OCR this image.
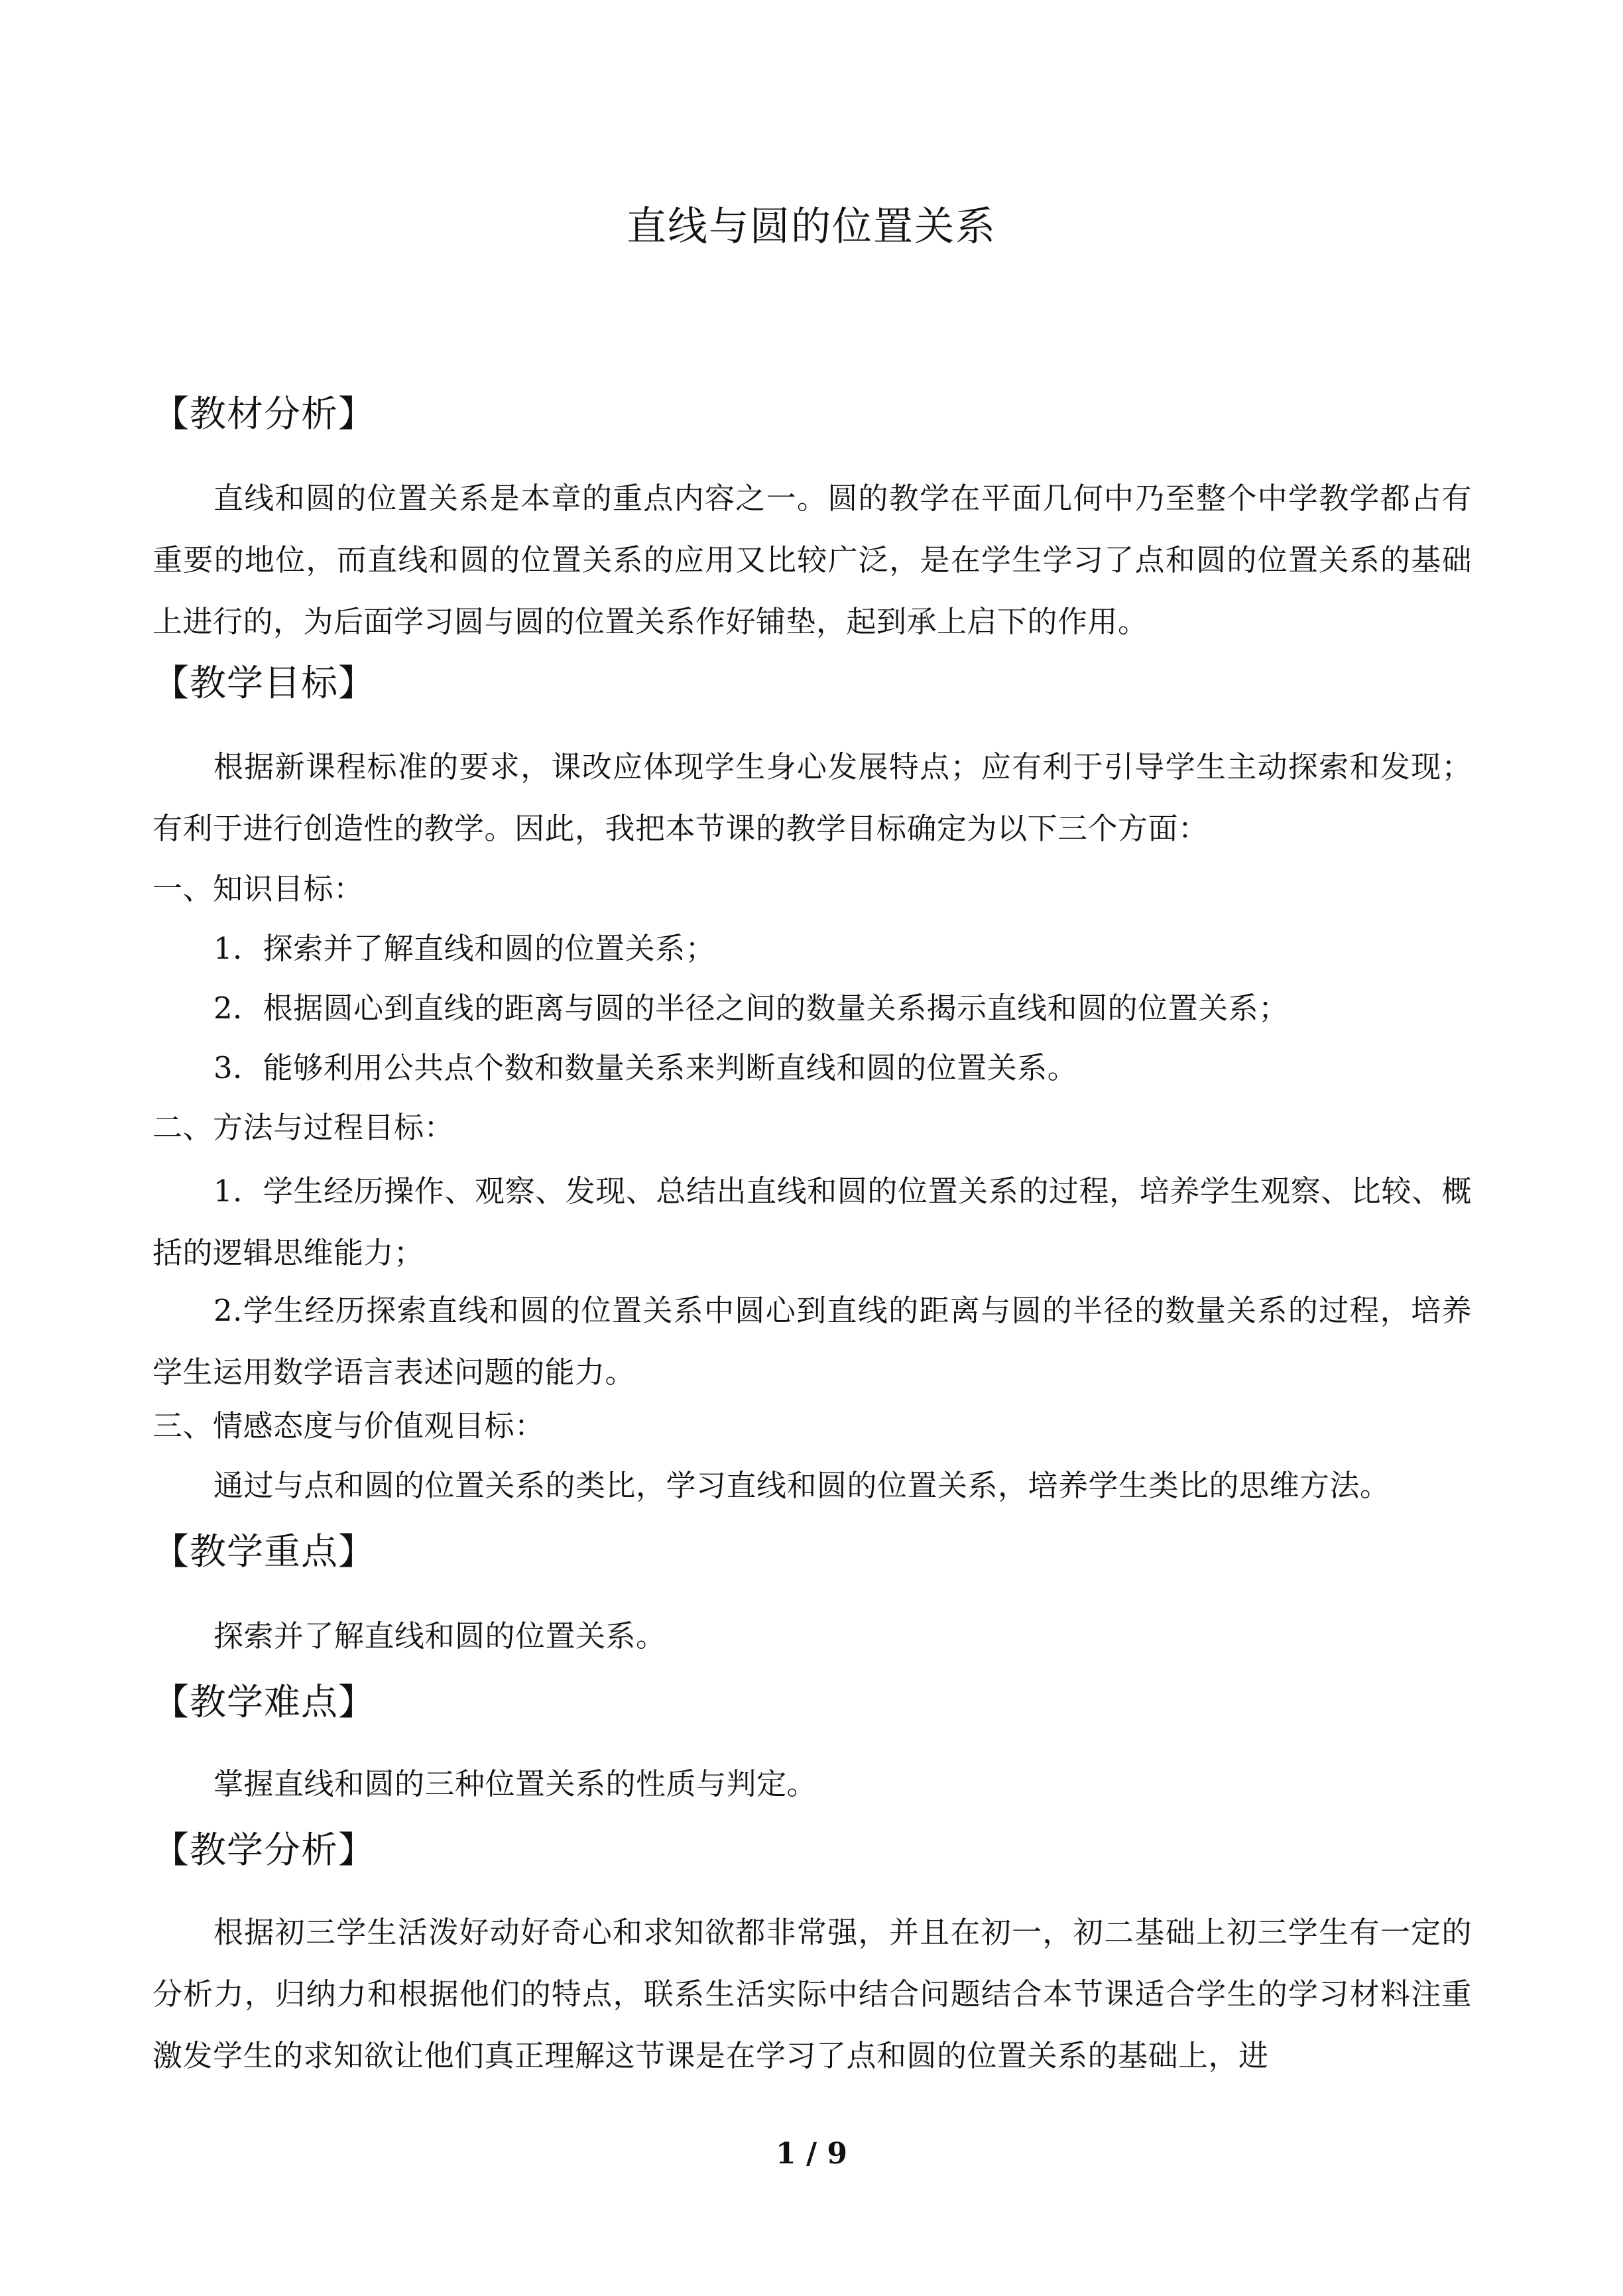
直线与圆的位置关系
【教材分析】
直线和圆的位置关系是本章的重点内容之一。圆的教学在平面几何中乃至整个中学教学都占有重要的地位，而直线和圆的位置关系的应用又比较广泛，是在学生学习了点和圆的位置关系的基础上进行的，为后面学习圆与圆的位置关系作好铺垫，起到承上启下的作用。
【教学目标】
根据新课程标准的要求，课改应体现学生身心发展特点；应有利于引导学生主动探索和发现；有利于进行创造性的教学。因此，我把本节课的教学目标确定为以下三个方面：
一、知识目标：
1．探索并了解直线和圆的位置关系；
2．根据圆心到直线的距离与圆的半径之间的数量关系揭示直线和圆的位置关系；
3．能够利用公共点个数和数量关系来判断直线和圆的位置关系。
二、方法与过程目标：
1．学生经历操作、观察、发现、总结出直线和圆的位置关系的过程，培养学生观察、比较、概括的逻辑思维能力；
2.学生经历探索直线和圆的位置关系中圆心到直线的距离与圆的半径的数量关系的过程，培养学生运用数学语言表述问题的能力。
三、情感态度与价值观目标：
通过与点和圆的位置关系的类比，学习直线和圆的位置关系，培养学生类比的思维方法。
【教学重点】
探索并了解直线和圆的位置关系。
【教学难点】
掌握直线和圆的三种位置关系的性质与判定。
【教学分析】
根据初三学生活泼好动好奇心和求知欲都非常强，并且在初一，初二基础上初三学生有一定的分析力，归纳力和根据他们的特点，联系生活实际中结合问题结合本节课适合学生的学习材料注重激发学生的求知欲让他们真正理解这节课是在学习了点和圆的位置关系的基础上，进
1 / 9
